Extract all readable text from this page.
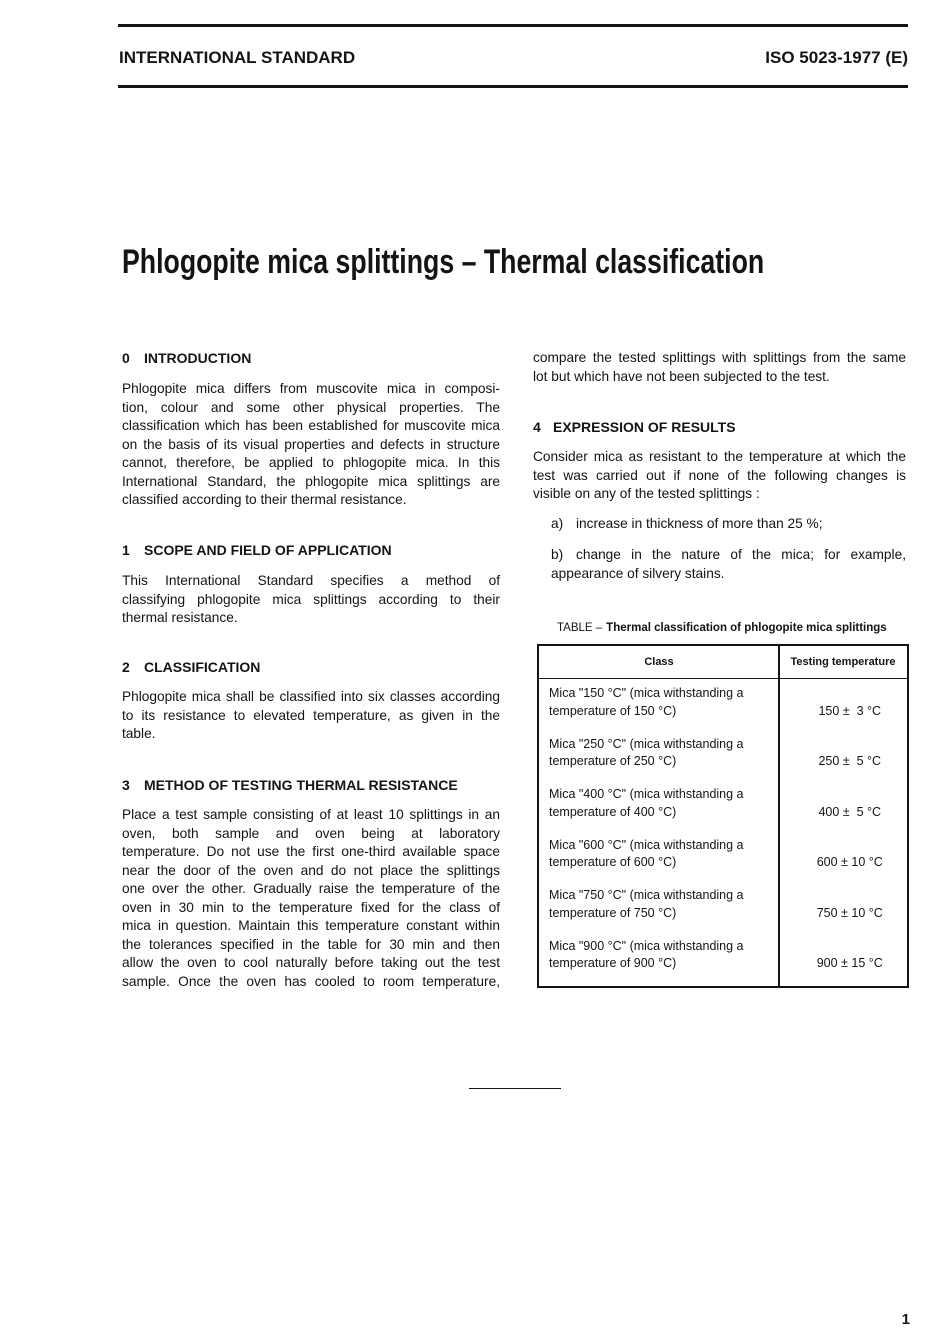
INTERNATIONAL STANDARD	ISO 5023-1977 (E)
Phlogopite mica splittings – Thermal classification
0 INTRODUCTION
Phlogopite mica differs from muscovite mica in composi-
tion, colour and some other physical properties. The
classification which has been established for muscovite mica
on the basis of its visual properties and defects in structure
cannot, therefore, be applied to phlogopite mica. In this
International Standard, the phlogopite mica splittings are
classified according to their thermal resistance.
1 SCOPE AND FIELD OF APPLICATION
This International Standard specifies a method of
classifying phlogopite mica splittings according to their
thermal resistance.
2 CLASSIFICATION
Phlogopite mica shall be classified into six classes according
to its resistance to elevated temperature, as given in the
table.
3 METHOD OF TESTING THERMAL RESISTANCE
Place a test sample consisting of at least 10 splittings in an
oven, both sample and oven being at laboratory
temperature. Do not use the first one-third available space
near the door of the oven and do not place the splittings
one over the other. Gradually raise the temperature of the
oven in 30 min to the temperature fixed for the class of
mica in question. Maintain this temperature constant within
the tolerances specified in the table for 30 min and then
allow the oven to cool naturally before taking out the test
sample. Once the oven has cooled to room temperature,
compare the tested splittings with splittings from the same
lot but which have not been subjected to the test.
4 EXPRESSION OF RESULTS
Consider mica as resistant to the temperature at which the
test was carried out if none of the following changes is
visible on any of the tested splittings :
a) increase in thickness of more than 25 %;
b) change in the nature of the mica; for example,
appearance of silvery stains.
TABLE – Thermal classification of phlogopite mica splittings
Class	Testing temperature
Mica "150 °C" (mica withstanding a
temperature of 150 °C)	150 ±  3 °C
Mica "250 °C" (mica withstanding a
temperature of 250 °C)	250 ±  5 °C
Mica "400 °C" (mica withstanding a
temperature of 400 °C)	400 ±  5 °C
Mica "600 °C" (mica withstanding a
temperature of 600 °C)	600 ± 10 °C
Mica "750 °C" (mica withstanding a
temperature of 750 °C)	750 ± 10 °C
Mica "900 °C" (mica withstanding a
temperature of 900 °C)	900 ± 15 °C
1
